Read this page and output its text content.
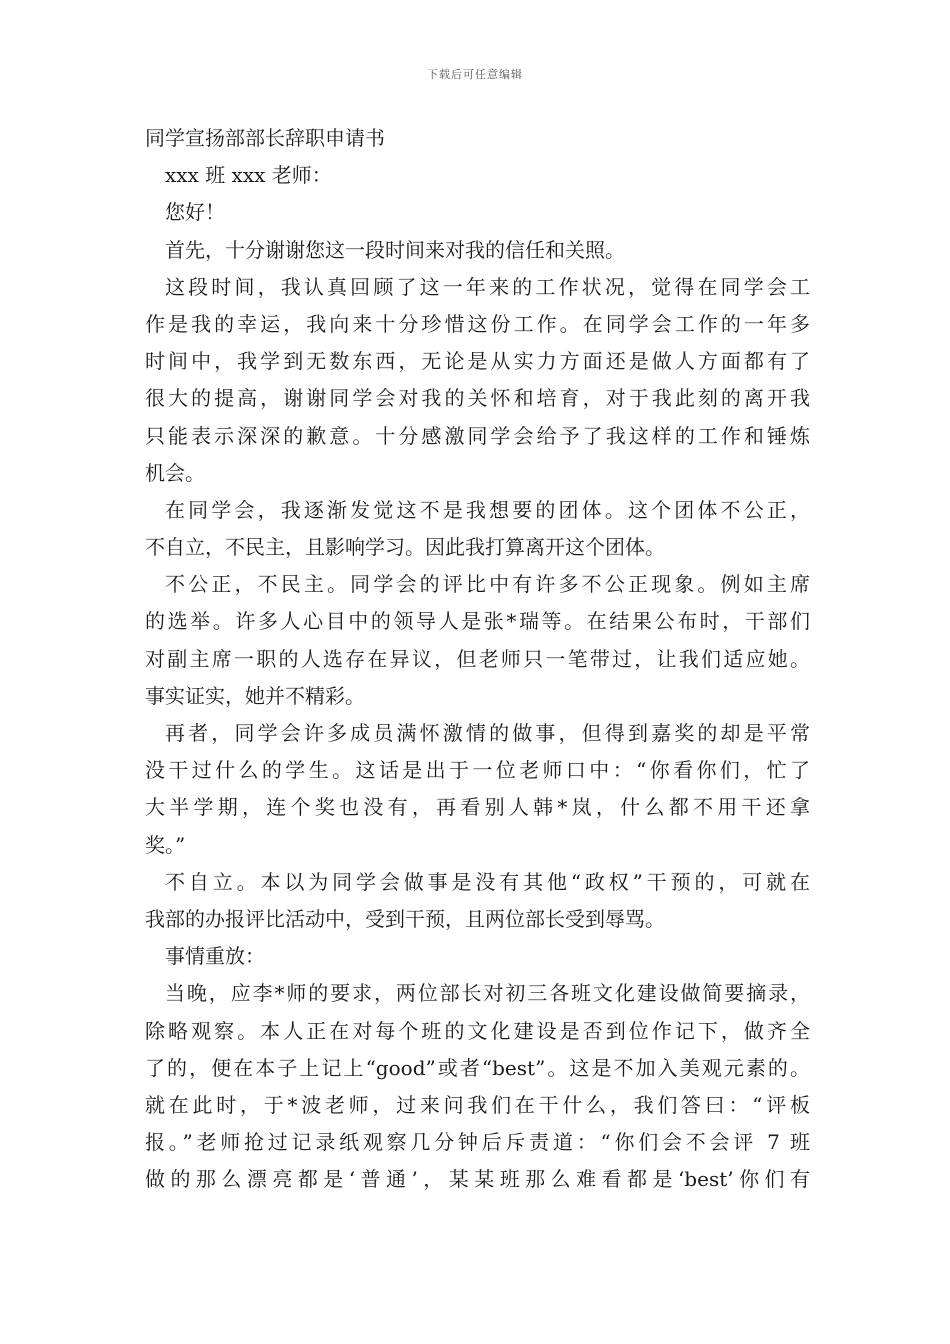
下载后可任意编辑
同学宣扬部部长辞职申请书
xxx 班 xxx 老师：
您好！
首先，十分谢谢您这一段时间来对我的信任和关照。
这段时间，我认真回顾了这一年来的工作状况，觉得在同学会工
作是我的幸运，我向来十分珍惜这份工作。在同学会工作的一年多
时间中，我学到无数东西，无论是从实力方面还是做人方面都有了
很大的提高，谢谢同学会对我的关怀和培育，对于我此刻的离开我
只能表示深深的歉意。十分感激同学会给予了我这样的工作和锤炼
机会。
在同学会，我逐渐发觉这不是我想要的团体。这个团体不公正，
不自立，不民主，且影响学习。因此我打算离开这个团体。
不公正，不民主。同学会的评比中有许多不公正现象。例如主席
的选举。许多人心目中的领导人是张*瑞等。在结果公布时，干部们
对副主席一职的人选存在异议，但老师只一笔带过，让我们适应她。
事实证实，她并不精彩。
再者，同学会许多成员满怀激情的做事，但得到嘉奖的却是平常
没干过什么的学生。这话是出于一位老师口中：“你看你们，忙了
大半学期，连个奖也没有，再看别人韩*岚，什么都不用干还拿
奖。”
不自立。本以为同学会做事是没有其他“政权”干预的，可就在
我部的办报评比活动中，受到干预，且两位部长受到辱骂。
事情重放：
当晚，应李*师的要求，两位部长对初三各班文化建设做简要摘录，
除略观察。本人正在对每个班的文化建设是否到位作记下，做齐全
了的，便在本子上记上“good”或者“best”。这是不加入美观元素的。
就在此时，于*波老师，过来问我们在干什么，我们答曰：“评板
报。”老师抢过记录纸观察几分钟后斥责道：“你们会不会评 7 班
做的那么漂亮都是‘普通’，某某班那么难看都是‘best’你们有
